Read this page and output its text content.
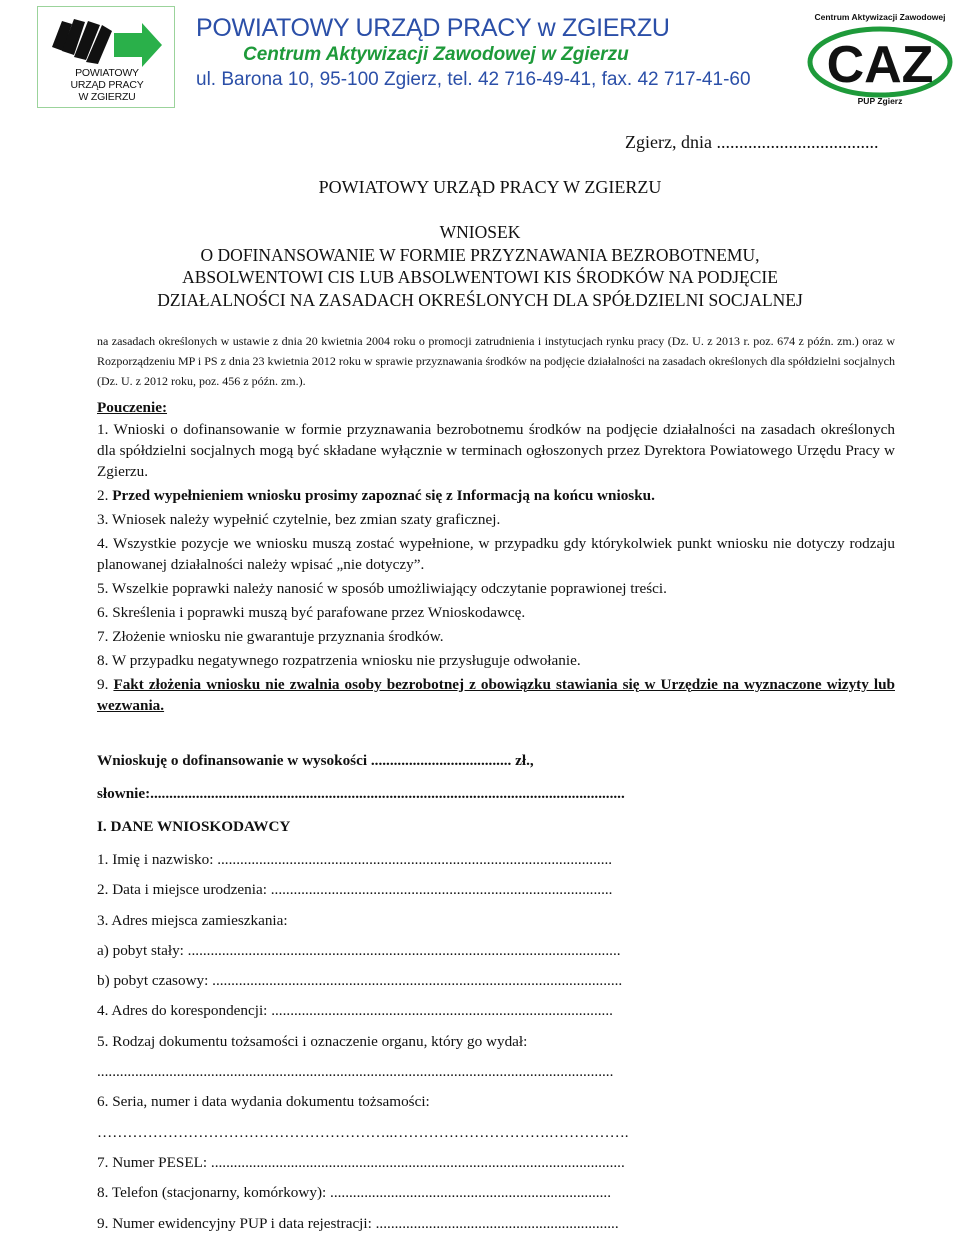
POWIATOWY
URZĄD PRACY
W ZGIERZU
POWIATOWY URZĄD PRACY w ZGIERZU
Centrum Aktywizacji Zawodowej w Zgierzu
ul. Barona 10, 95-100 Zgierz, tel. 42 716-49-41, fax. 42 717-41-60	CAZ
Centrum Aktywizacji Zawodowej
PUP Zgierz
Zgierz, dnia ....................................
POWIATOWY URZĄD PRACY W ZGIERZU
WNIOSEK
O DOFINANSOWANIE W FORMIE PRZYZNAWANIA BEZROBOTNEMU,
ABSOLWENTOWI CIS LUB ABSOLWENTOWI KIS ŚRODKÓW NA PODJĘCIE
DZIAŁALNOŚCI NA ZASADACH OKREŚLONYCH DLA SPÓŁDZIELNI SOCJALNEJ
na zasadach określonych w ustawie z dnia 20 kwietnia 2004 roku o promocji zatrudnienia i instytucjach rynku pracy (Dz. U. z 2013 r. poz. 674 z późn. zm.) oraz w Rozporządzeniu MP i PS z dnia 23 kwietnia 2012 roku w sprawie przyznawania środków na podjęcie działalności na zasadach określonych dla spółdzielni socjalnych (Dz. U. z 2012 roku, poz. 456 z późn. zm.).
Pouczenie:
1. Wnioski o dofinansowanie w formie przyznawania bezrobotnemu środków na podjęcie działalności na zasadach określonych dla spółdzielni socjalnych mogą być składane wyłącznie w terminach ogłoszonych przez Dyrektora Powiatowego Urzędu Pracy w Zgierzu.
2. Przed wypełnieniem wniosku prosimy zapoznać się z Informacją na końcu wniosku.
3. Wniosek należy wypełnić czytelnie, bez zmian szaty graficznej.
4. Wszystkie pozycje we wniosku muszą zostać wypełnione, w przypadku gdy którykolwiek punkt wniosku nie dotyczy rodzaju planowanej działalności należy wpisać „nie dotyczy”.
5. Wszelkie poprawki należy nanosić w sposób umożliwiający odczytanie poprawionej treści.
6. Skreślenia i poprawki muszą być parafowane przez Wnioskodawcę.
7. Złożenie wniosku nie gwarantuje przyznania środków.
8. W przypadku negatywnego rozpatrzenia wniosku nie przysługuje odwołanie.
9. Fakt złożenia wniosku nie zwalnia osoby bezrobotnej z obowiązku stawiania się w Urzędzie na wyznaczone wizyty lub wezwania.
Wnioskuję o dofinansowanie w wysokości ..................................... zł.,
słownie:.............................................................................................................................
I. DANE WNIOSKODAWCY
1. Imię i nazwisko: ........................................................................................................
2. Data i miejsce urodzenia: ..........................................................................................
3. Adres miejsca zamieszkania:
a) pobyt stały: ..................................................................................................................
b) pobyt czasowy: ............................................................................................................
4. Adres do korespondencji: ..........................................................................................
5. Rodzaj dokumentu tożsamości i oznaczenie organu, który go wydał:
........................................................................................................................................
6. Seria, numer i data wydania dokumentu tożsamości:
…………………………………………………..………………………….…………….
7. Numer PESEL: .............................................................................................................
8. Telefon (stacjonarny, komórkowy): ..........................................................................
9. Numer ewidencyjny PUP i data rejestracji: ................................................................
